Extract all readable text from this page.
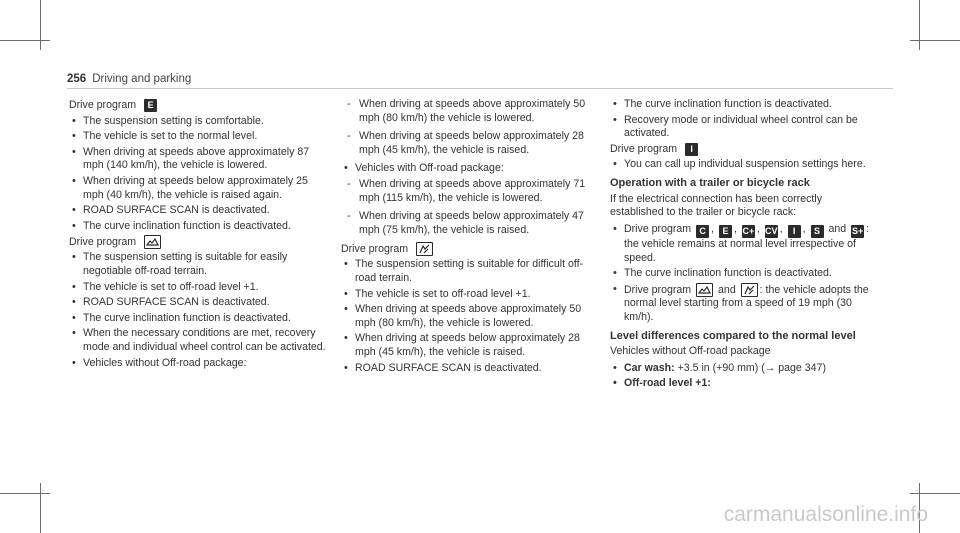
256 Driving and parking
Drive program	E
• The suspension setting is comfortable.
• The vehicle is set to the normal level.
• When driving at speeds above approximately 87 mph (140 km/h), the vehicle is lowered.
• When driving at speeds below approximately 25 mph (40 km/h), the vehicle is raised again.
• ROAD SURFACE SCAN is deactivated.
• The curve inclination function is deactivated.
Drive program
• The suspension setting is suitable for easily negotiable off-road terrain.
• The vehicle is set to off-road level +1.
• ROAD SURFACE SCAN is deactivated.
• The curve inclination function is deactivated.
• When the necessary conditions are met, recovery mode and individual wheel control can be activated.
• Vehicles without Off-road package:
- When driving at speeds above approximately 50 mph (80 km/h) the vehicle is lowered.
- When driving at speeds below approximately 28 mph (45 km/h), the vehicle is raised.
• Vehicles with Off-road package:
- When driving at speeds above approximately 71 mph (115 km/h), the vehicle is lowered.
- When driving at speeds below approximately 47 mph (75 km/h), the vehicle is raised.
Drive program
• The suspension setting is suitable for difficult off-road terrain.
• The vehicle is set to off-road level +1.
• When driving at speeds above approximately 50 mph (80 km/h), the vehicle is lowered.
• When driving at speeds below approximately 28 mph (45 km/h), the vehicle is raised.
• ROAD SURFACE SCAN is deactivated.
• The curve inclination function is deactivated.
• Recovery mode or individual wheel control can be activated.
Drive program	I
• You can call up individual suspension settings here.
Operation with a trailer or bicycle rack
If the electrical connection has been correctly established to the trailer or bicycle rack:
• Drive program C , E , C+ , CV , I , S and S+ : the vehicle remains at normal level irrespective of speed.
• The curve inclination function is deactivated.
• Drive program	and : the vehicle adopts the normal level starting from a speed of 19 mph (30 km/h).
Level differences compared to the normal level
Vehicles without Off-road package
• Car wash: +3.5 in (+90 mm) (→ page 347)
• Off-road level +1:
carmanualsonline.info
